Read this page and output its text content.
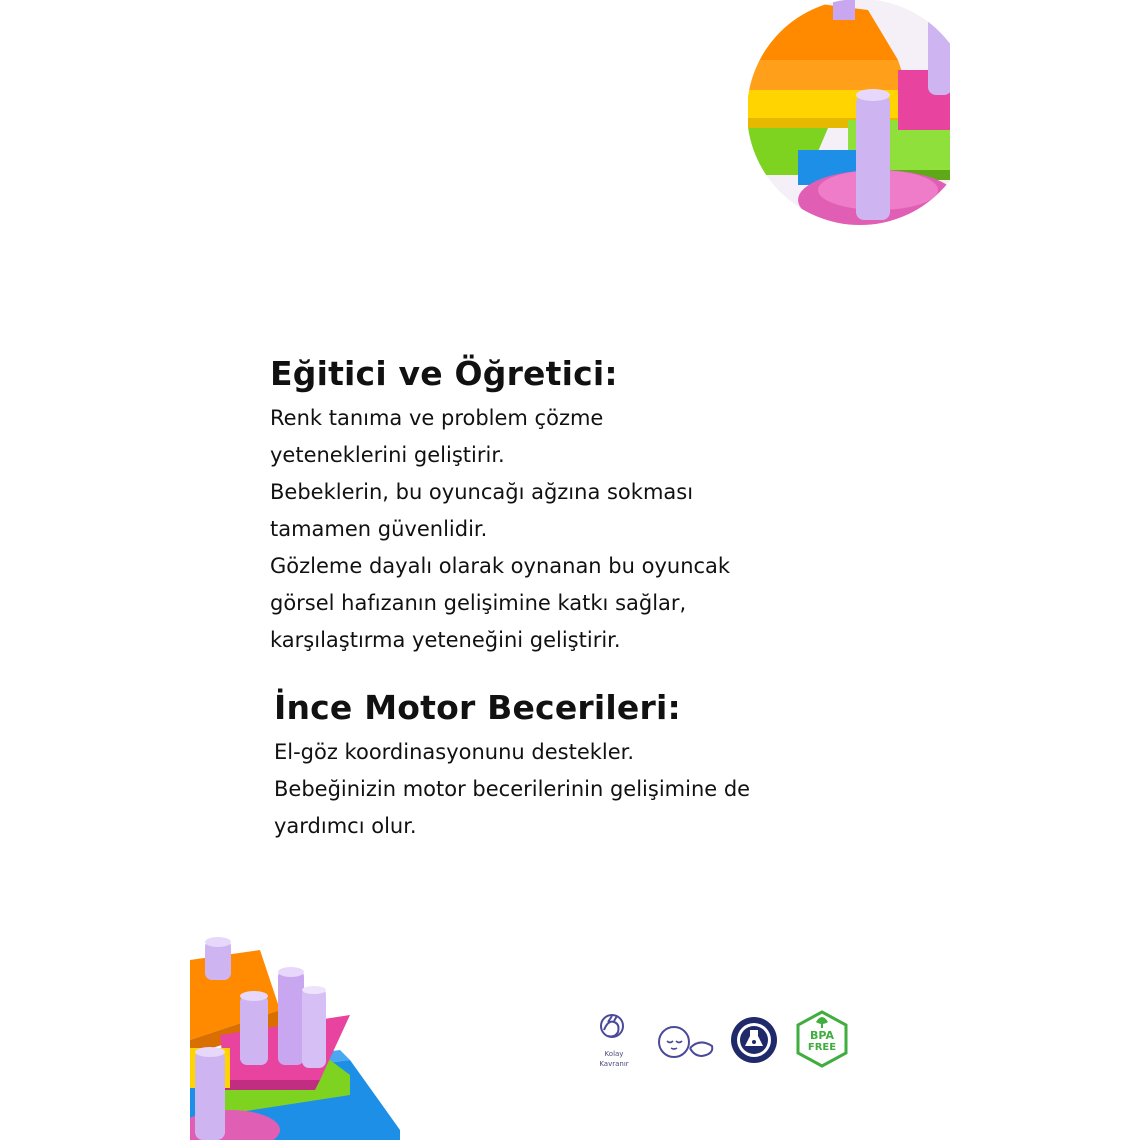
Eğitici ve Öğretici:
Renk tanıma ve problem çözme
yeteneklerini geliştirir.
Bebeklerin, bu oyuncağı ağzına sokması
tamamen güvenlidir.
Gözleme dayalı olarak oynanan bu oyuncak
görsel hafızanın gelişimine katkı sağlar,
karşılaştırma yeteneğini geliştirir.
İnce Motor Becerileri:
El-göz koordinasyonunu destekler.
Bebeğinizin motor becerilerinin gelişimine de
yardımcı olur.
Kolay
Kavranır
BPA
FREE
